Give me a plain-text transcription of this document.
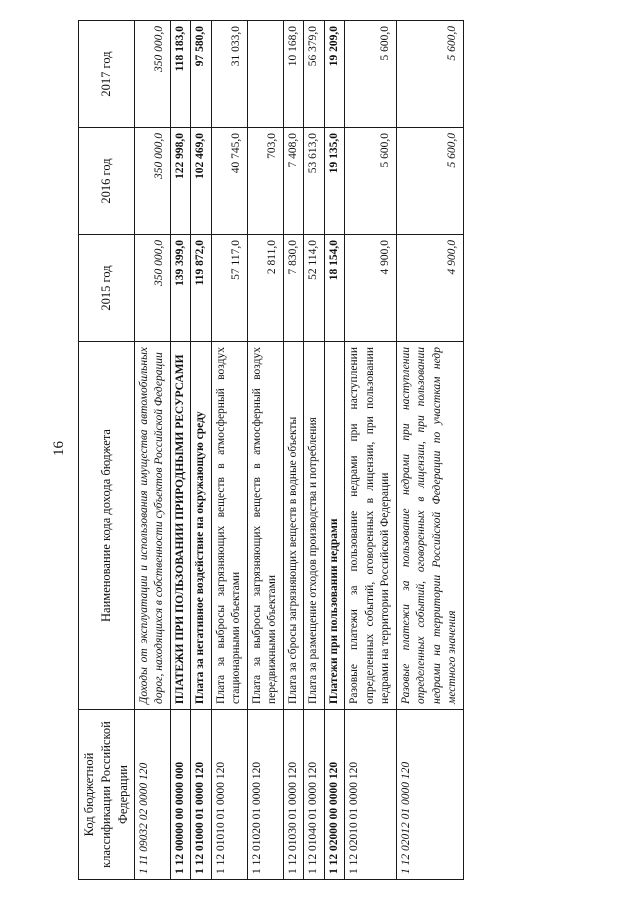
16
Код бюджетной классификации Российской Федерации	Наименование кода дохода бюджета	2015 год	2016 год	2017 год
1 11 09032 02 0000 120	Доходы от эксплуатации и использования имущества автомобильных дорог, находящихся в собственности субъектов Российской Федерации	350 000,0	350 000,0	350 000,0
1 12 00000 00 0000 000	ПЛАТЕЖИ ПРИ ПОЛЬЗОВАНИИ ПРИРОДНЫМИ РЕСУРСАМИ	139 399,0	122 998,0	118 183,0
1 12 01000 01 0000 120	Плата за негативное воздействие на окружающую среду	119 872,0	102 469,0	97 580,0
1 12 01010 01 0000 120	Плата за выбросы загрязняющих веществ в атмосферный воздух стационарными объектами	57 117,0	40 745,0	31 033,0
1 12 01020 01 0000 120	Плата за выбросы загрязняющих веществ в атмосферный воздух передвижными объектами	2 811,0	703,0	
1 12 01030 01 0000 120	Плата за сбросы загрязняющих веществ в водные объекты	7 830,0	7 408,0	10 168,0
1 12 01040 01 0000 120	Плата за размещение отходов производства и потребления	52 114,0	53 613,0	56 379,0
1 12 02000 00 0000 120	Платежи при пользовании недрами	18 154,0	19 135,0	19 209,0
1 12 02010 01 0000 120	Разовые платежи за пользование недрами при наступлении определенных событий, оговоренных в лицензии, при пользовании недрами на территории Российской Федерации	4 900,0	5 600,0	5 600,0
1 12 02012 01 0000 120	Разовые платежи за пользование недрами при наступлении определенных событий, оговоренных в лицензии, при пользовании недрами на территории Российской Федерации по участкам недр местного значения	4 900,0	5 600,0	5 600,0
